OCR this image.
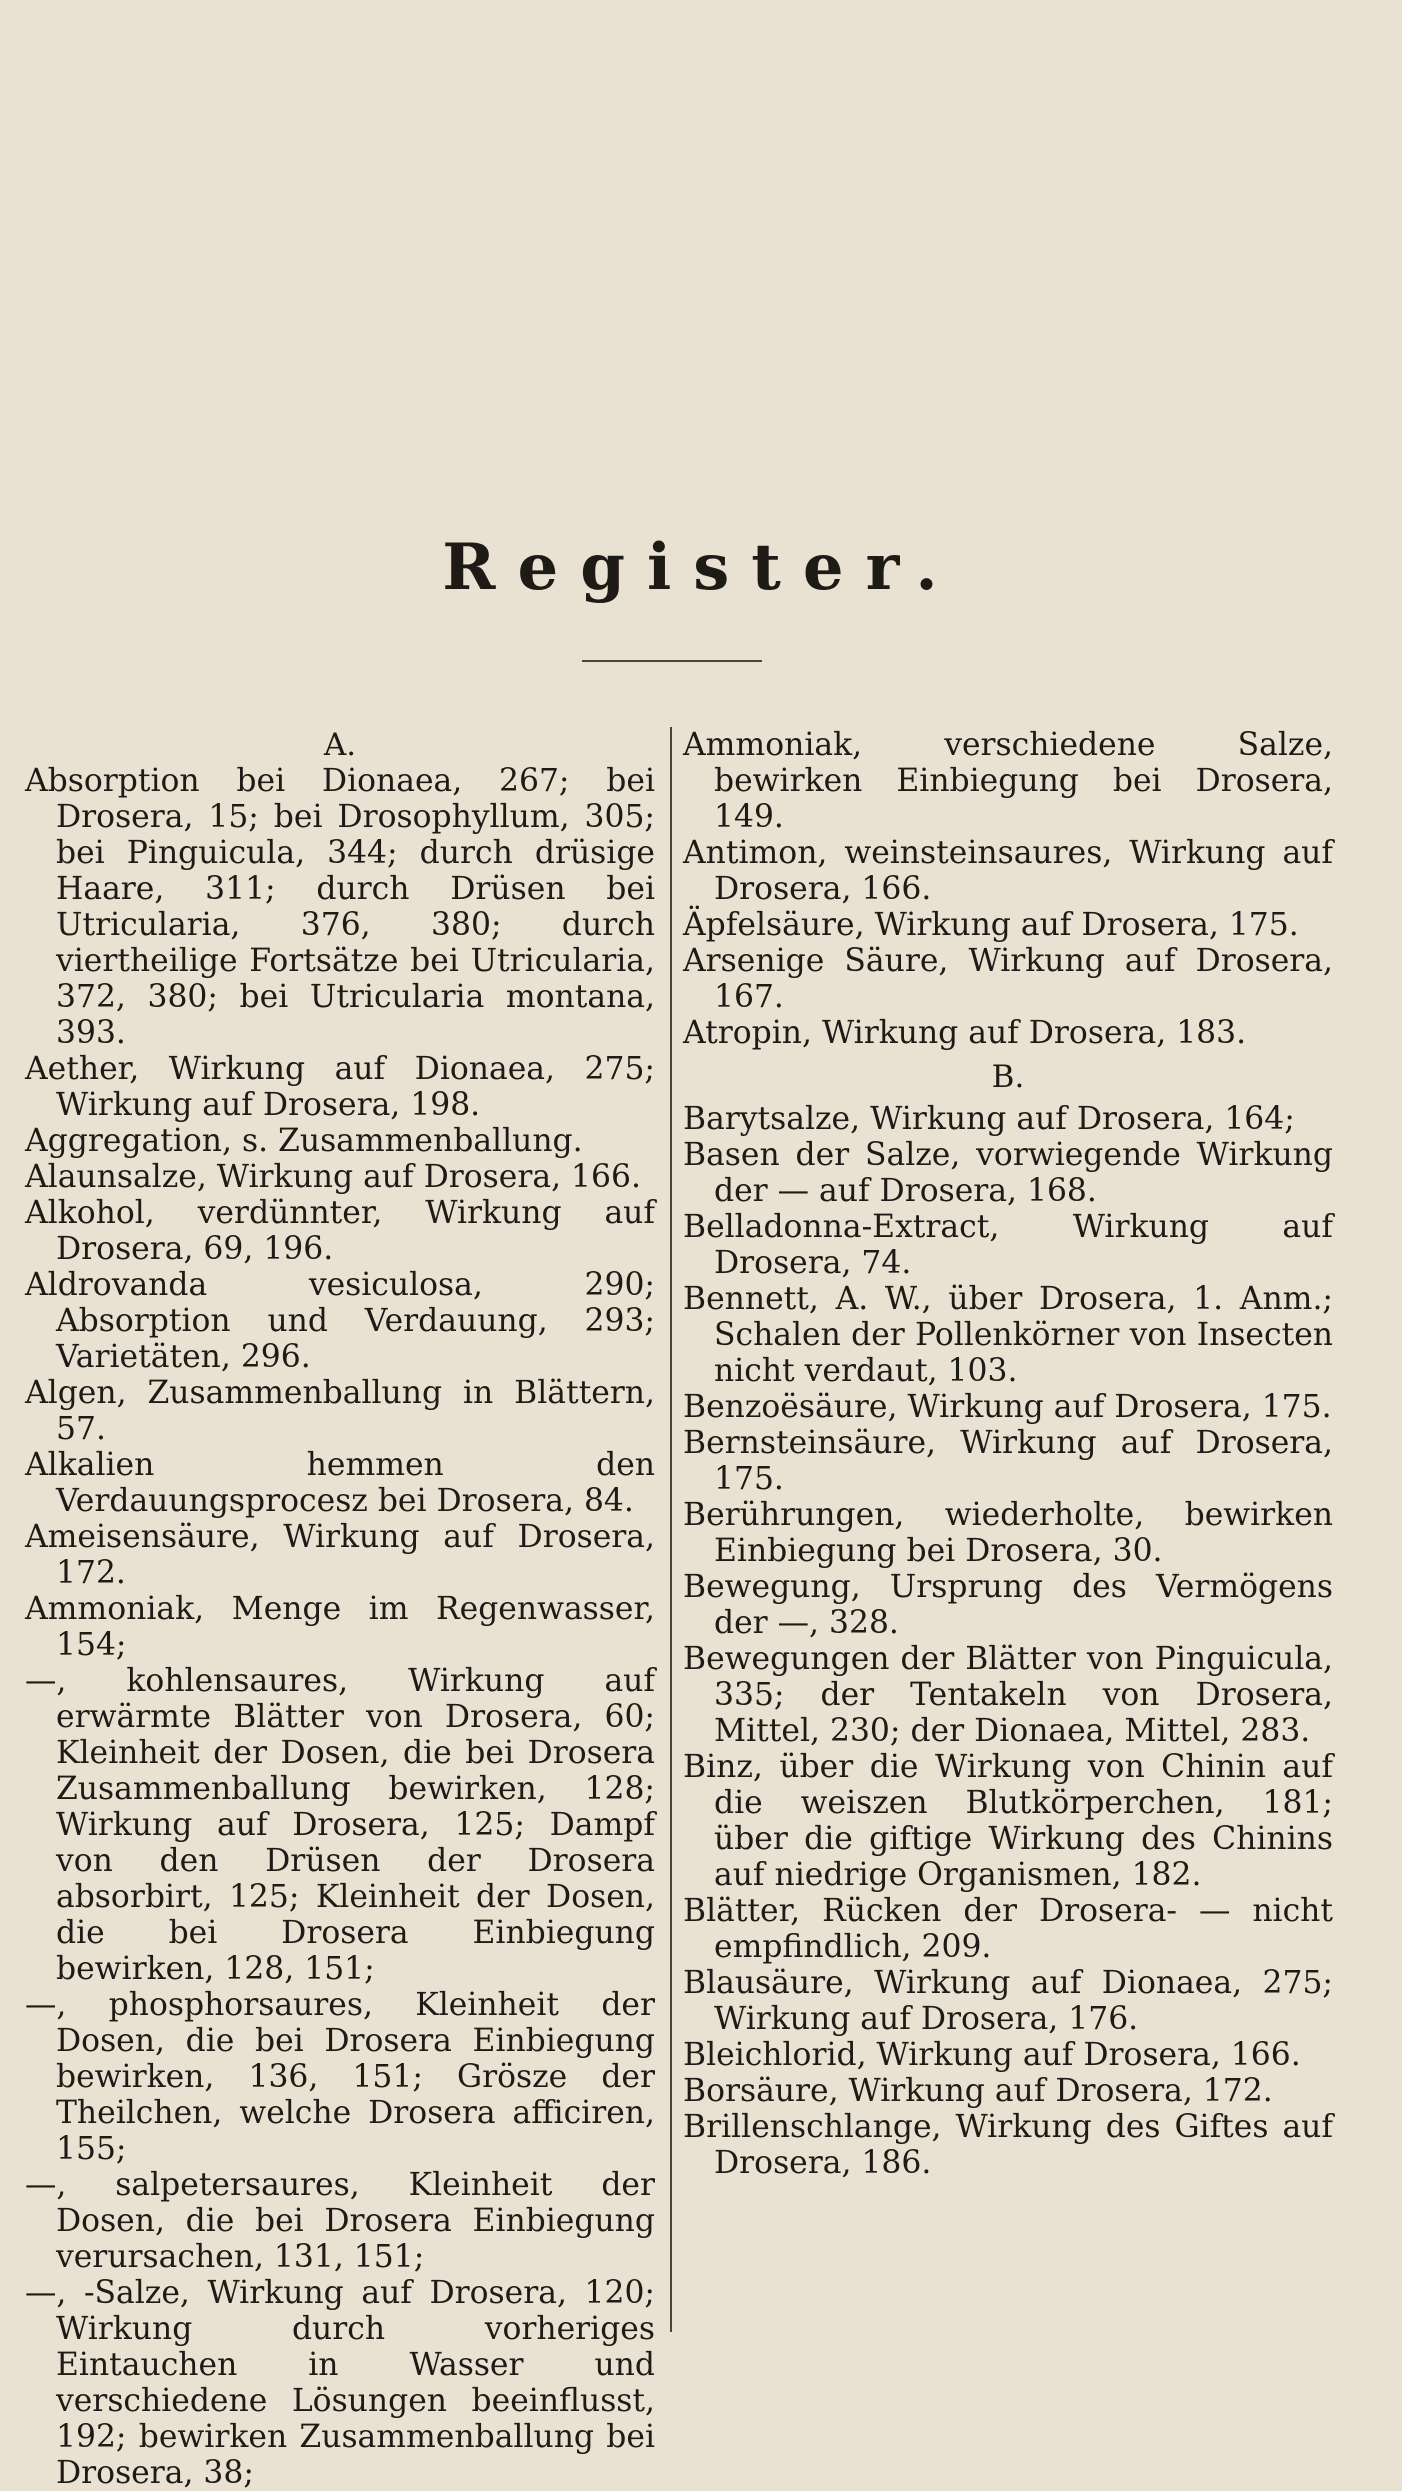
Register.
A.
Absorption bei Dionaea, 267; bei Drosera, 15; bei Drosophyllum, 305; bei Pinguicula, 344; durch drüsige Haare, 311; durch Drüsen bei Utricularia, 376, 380; durch viertheilige Fortsätze bei Utricularia, 372, 380; bei Utricularia montana, 393.
Aether, Wirkung auf Dionaea, 275; Wirkung auf Drosera, 198.
Aggregation, s. Zusammenballung.
Alaunsalze, Wirkung auf Drosera, 166.
Alkohol, verdünnter, Wirkung auf Drosera, 69, 196.
Aldrovanda vesiculosa, 290; Absorption und Verdauung, 293; Varietäten, 296.
Algen, Zusammenballung in Blättern, 57.
Alkalien hemmen den Verdauungsprocesz bei Drosera, 84.
Ameisensäure, Wirkung auf Drosera, 172.
Ammoniak, Menge im Regenwasser, 154;
—, kohlensaures, Wirkung auf erwärmte Blätter von Drosera, 60; Kleinheit der Dosen, die bei Drosera Zusammenballung bewirken, 128; Wirkung auf Drosera, 125; Dampf von den Drüsen der Drosera absorbirt, 125; Kleinheit der Dosen, die bei Drosera Einbiegung bewirken, 128, 151;
—, phosphorsaures, Kleinheit der Dosen, die bei Drosera Einbiegung bewirken, 136, 151; Grösze der Theilchen, welche Drosera afficiren, 155;
—, salpetersaures, Kleinheit der Dosen, die bei Drosera Einbiegung verursachen, 131, 151;
—, -Salze, Wirkung auf Drosera, 120; Wirkung durch vorheriges Eintauchen in Wasser und verschiedene Lösungen beeinflusst, 192; bewirken Zusammenballung bei Drosera, 38;
Ammoniak, verschiedene Salze, bewirken Einbiegung bei Drosera, 149.
Antimon, weinsteinsaures, Wirkung auf Drosera, 166.
Äpfelsäure, Wirkung auf Drosera, 175.
Arsenige Säure, Wirkung auf Drosera, 167.
Atropin, Wirkung auf Drosera, 183.
B.
Barytsalze, Wirkung auf Drosera, 164;
Basen der Salze, vorwiegende Wirkung der — auf Drosera, 168.
Belladonna-Extract, Wirkung auf Drosera, 74.
Bennett, A. W., über Drosera, 1. Anm.; Schalen der Pollenkörner von Insecten nicht verdaut, 103.
Benzoësäure, Wirkung auf Drosera, 175.
Bernsteinsäure, Wirkung auf Drosera, 175.
Berührungen, wiederholte, bewirken Einbiegung bei Drosera, 30.
Bewegung, Ursprung des Vermögens der —, 328.
Bewegungen der Blätter von Pinguicula, 335; der Tentakeln von Drosera, Mittel, 230; der Dionaea, Mittel, 283.
Binz, über die Wirkung von Chinin auf die weiszen Blutkörperchen, 181; über die giftige Wirkung des Chinins auf niedrige Organismen, 182.
Blätter, Rücken der Drosera- — nicht empfindlich, 209.
Blausäure, Wirkung auf Dionaea, 275; Wirkung auf Drosera, 176.
Bleichlorid, Wirkung auf Drosera, 166.
Borsäure, Wirkung auf Drosera, 172.
Brillenschlange, Wirkung des Giftes auf Drosera, 186.
